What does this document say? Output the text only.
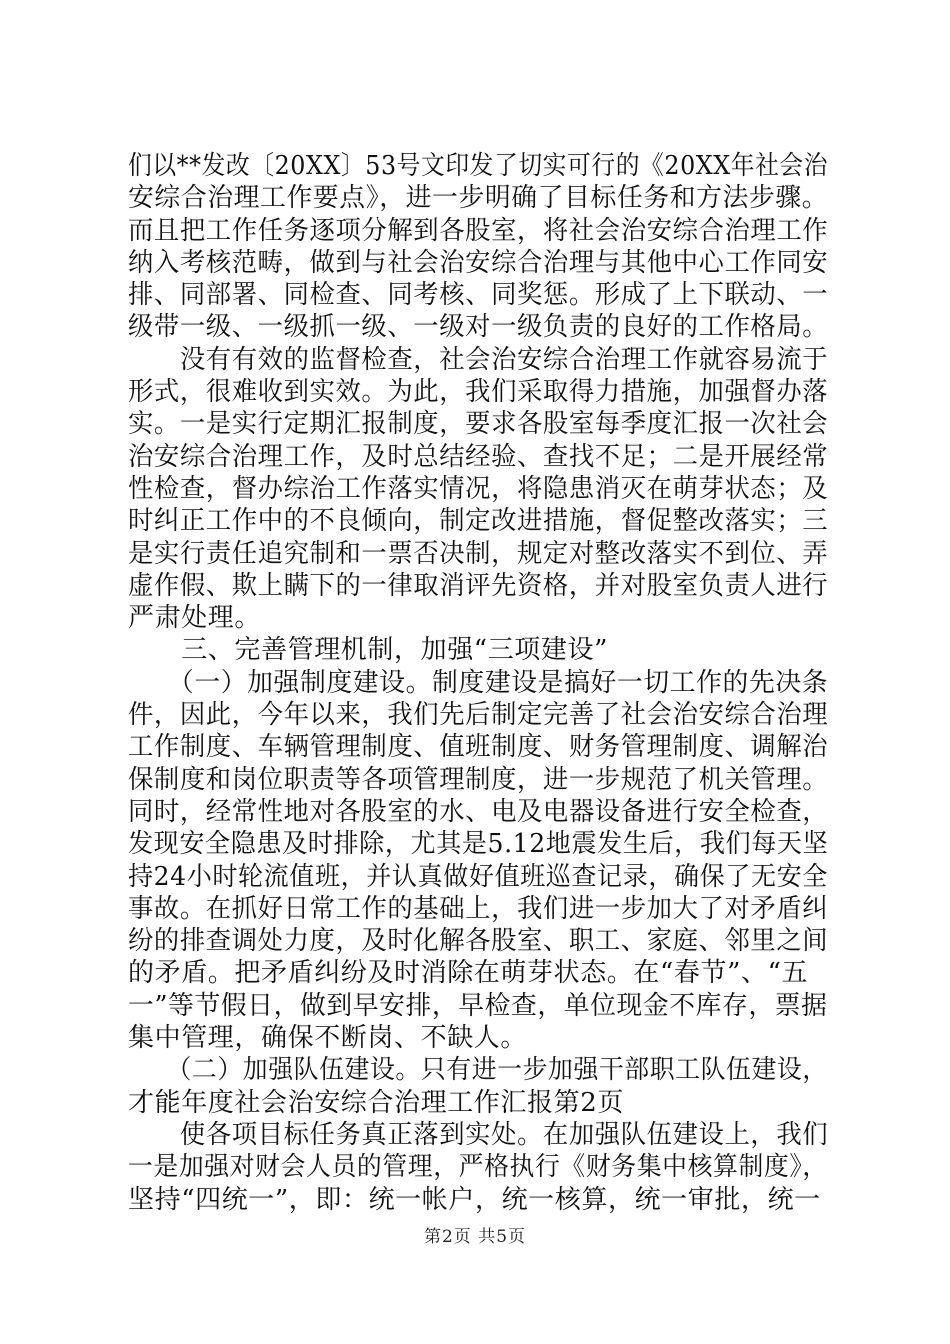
们以**发改〔20XX〕53号文印发了切实可行的《20XX年社会治
安综合治理工作要点》，进一步明确了目标任务和方法步骤。
而且把工作任务逐项分解到各股室，将社会治安综合治理工作
纳入考核范畴，做到与社会治安综合治理与其他中心工作同安
排、同部署、同检查、同考核、同奖惩。形成了上下联动、一
级带一级、一级抓一级、一级对一级负责的良好的工作格局。
　　没有有效的监督检查，社会治安综合治理工作就容易流于
形式，很难收到实效。为此，我们采取得力措施，加强督办落
实。一是实行定期汇报制度，要求各股室每季度汇报一次社会
治安综合治理工作，及时总结经验、查找不足；二是开展经常
性检查，督办综治工作落实情况，将隐患消灭在萌芽状态；及
时纠正工作中的不良倾向，制定改进措施，督促整改落实；三
是实行责任追究制和一票否决制，规定对整改落实不到位、弄
虚作假、欺上瞒下的一律取消评先资格，并对股室负责人进行
严肃处理。
　　三、完善管理机制，加强“三项建设”
　　（一）加强制度建设。制度建设是搞好一切工作的先决条
件，因此，今年以来，我们先后制定完善了社会治安综合治理
工作制度、车辆管理制度、值班制度、财务管理制度、调解治
保制度和岗位职责等各项管理制度，进一步规范了机关管理。
同时，经常性地对各股室的水、电及电器设备进行安全检查，
发现安全隐患及时排除，尤其是5.12地震发生后，我们每天坚
持24小时轮流值班，并认真做好值班巡查记录，确保了无安全
事故。在抓好日常工作的基础上，我们进一步加大了对矛盾纠
纷的排查调处力度，及时化解各股室、职工、家庭、邻里之间
的矛盾。把矛盾纠纷及时消除在萌芽状态。在“春节”、“五
一”等节假日，做到早安排，早检查，单位现金不库存，票据
集中管理，确保不断岗、不缺人。
　　（二）加强队伍建设。只有进一步加强干部职工队伍建设，
才能年度社会治安综合治理工作汇报第2页
　　使各项目标任务真正落到实处。在加强队伍建设上，我们
一是加强对财会人员的管理，严格执行《财务集中核算制度》，
坚持“四统一”，即：统一帐户，统一核算，统一审批，统一
第2页 共5页
